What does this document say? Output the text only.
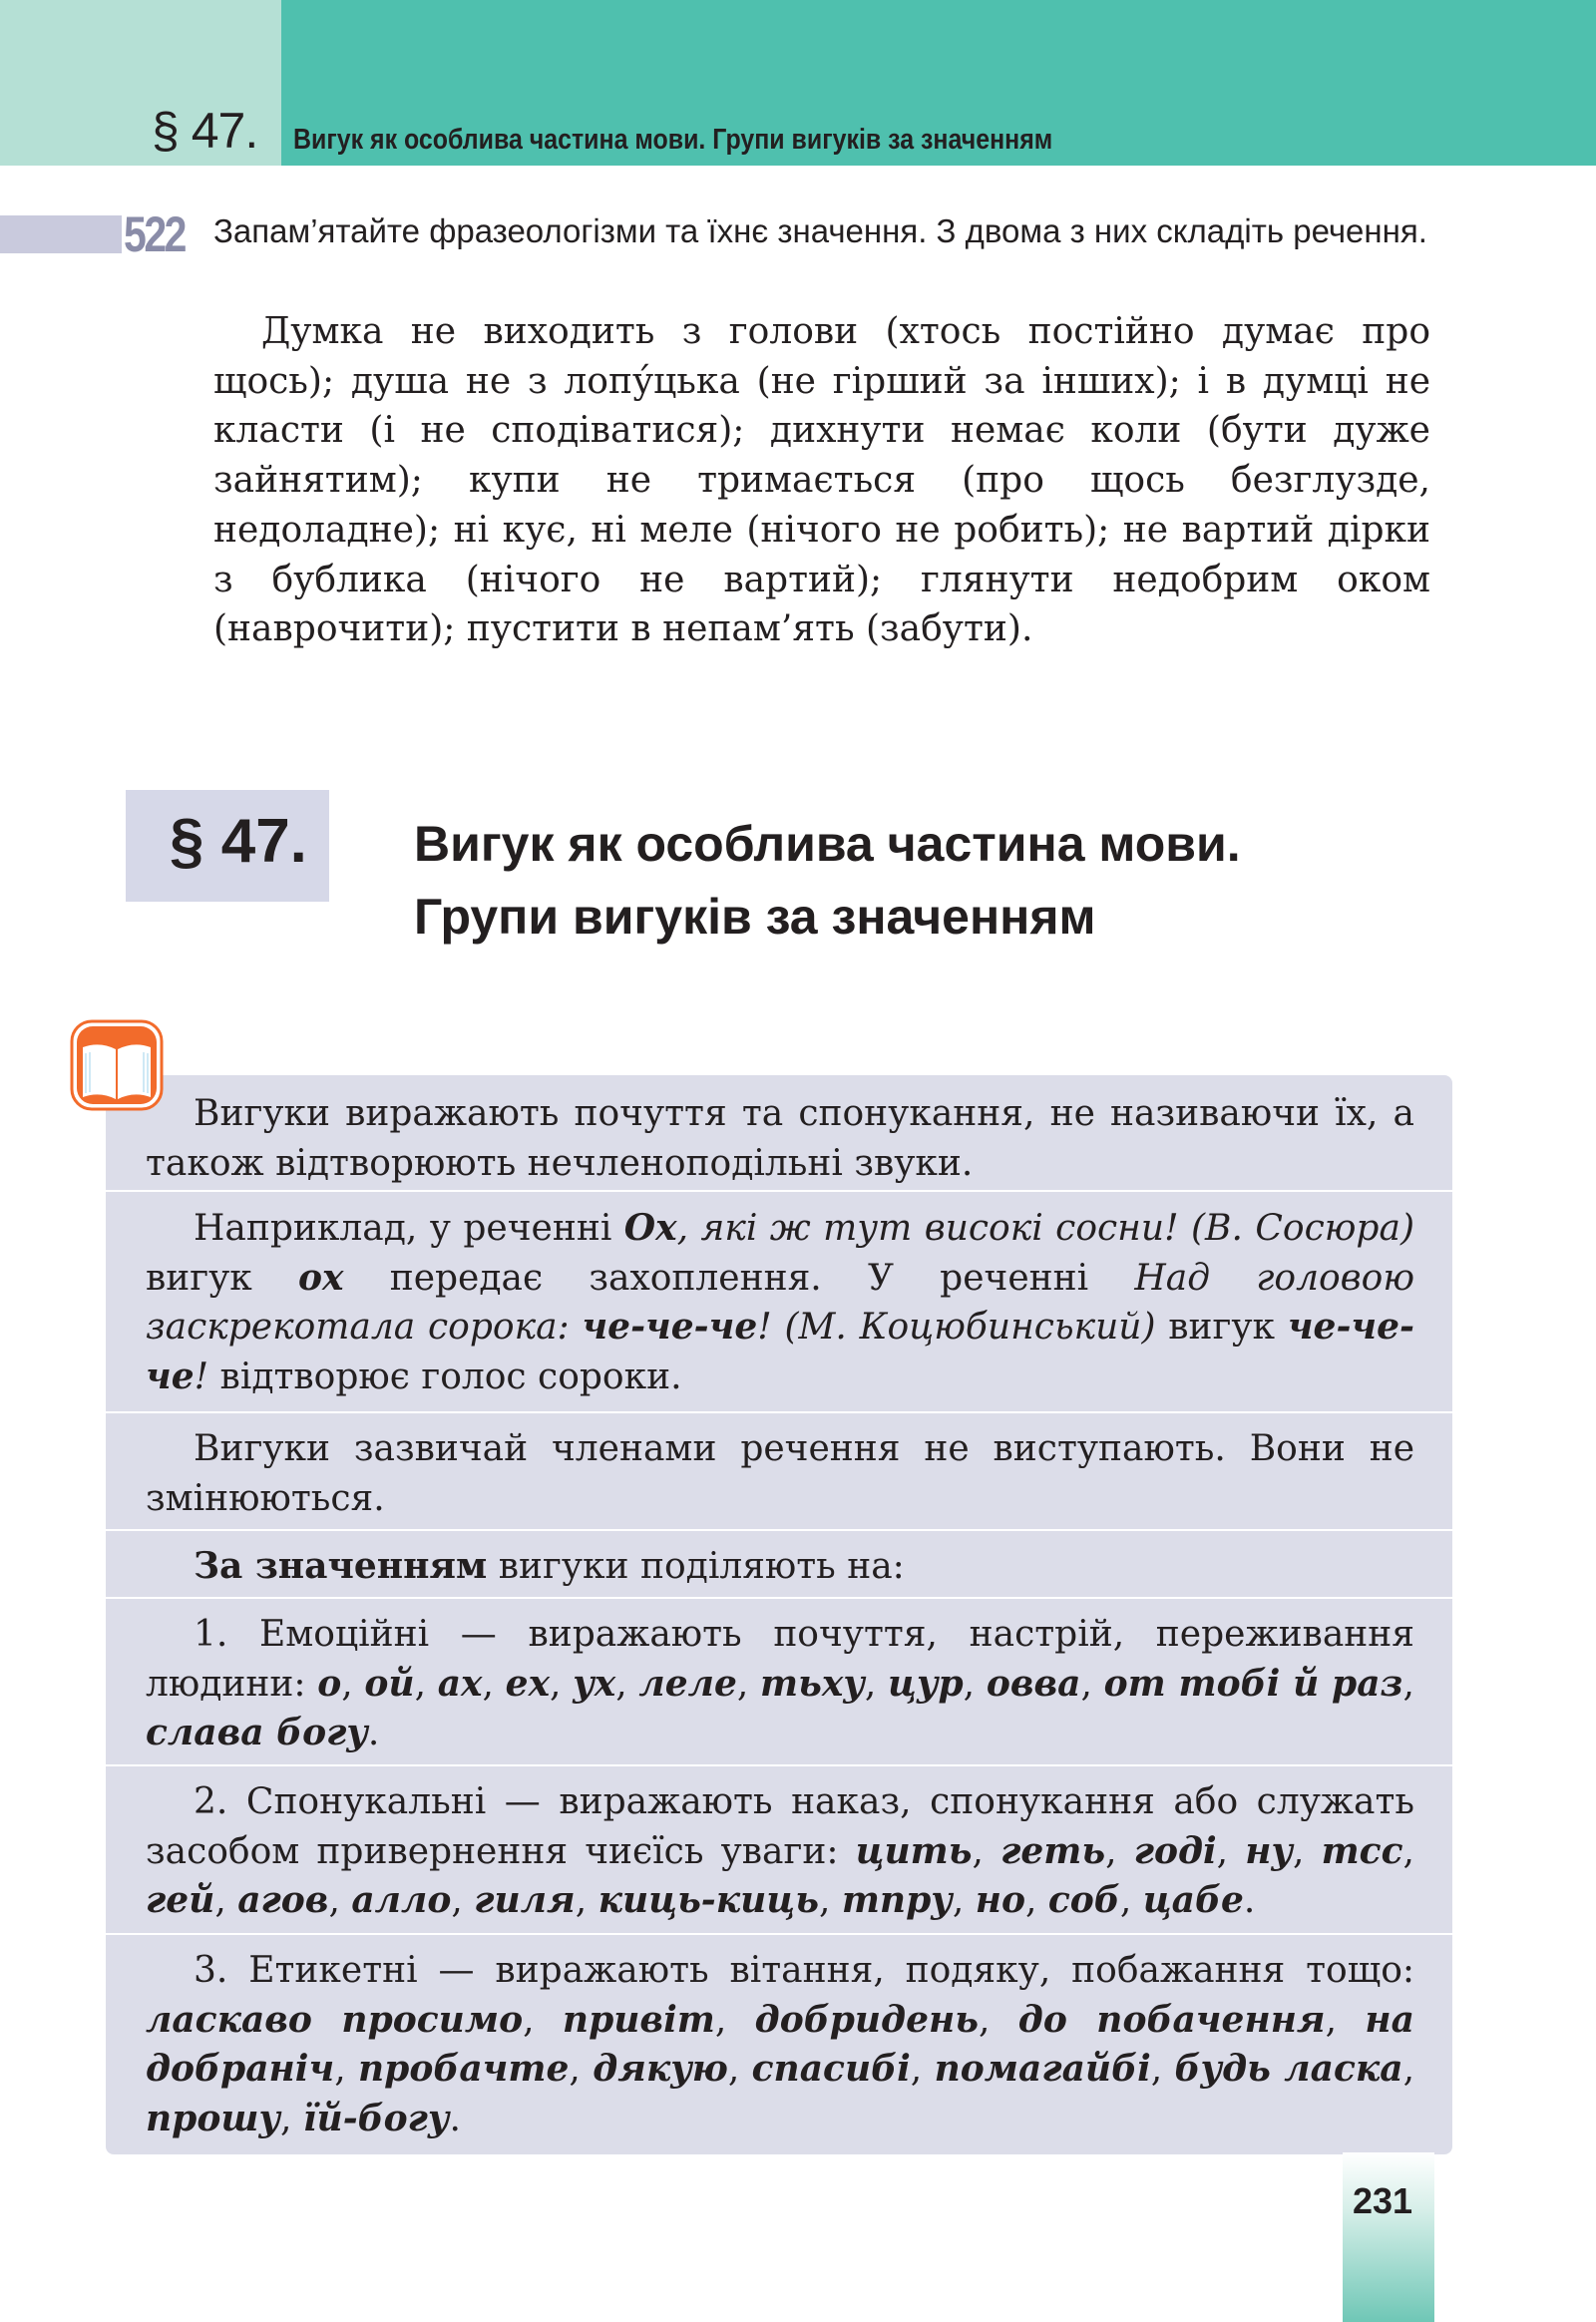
§ 47. Вигук як особлива частина мови. Групи вигуків за значенням
522 Запам’ятайте фразеологізми та їхнє значення. З двома з них складіть речення.
Думка не виходить з голови (хтось постійно думає про щось); душа не з лопу́цька (не гірший за інших); і в думці не класти (і не сподіватися); дихнути немає коли (бути дуже зайнятим); купи не тримається (про щось безглузде, недоладне); ні кує, ні меле (нічого не робить); не вартий дірки з бублика (нічого не вартий); глянути недобрим оком (наврочити); пустити в непам’ять (забути).
§ 47. Вигук як особлива частина мови.
Групи вигуків за значенням
Вигуки виражають почуття та спонукання, не називаючи їх, а також відтворюють нечленоподільні звуки.
Наприклад, у реченні Ох, які ж тут високі сосни! (В. Сосюра) вигук ох передає захоплення. У реченні Над головою заскрекотала сорока: че-че-че! (М. Коцюбинський) вигук че-че-че! відтворює голос сороки.
Вигуки зазвичай членами речення не виступають. Вони не змінюються.
За значенням вигуки поділяють на:
1. Емоційні — виражають почуття, настрій, переживання людини: о, ой, ах, ех, ух, леле, тьху, цур, овва, от тобі й раз, слава богу.
2. Спонукальні — виражають наказ, спонукання або служать засобом привернення чиєїсь уваги: цить, геть, годі, ну, тсс, гей, агов, алло, гиля, киць-киць, тпру, но, соб, цабе.
3. Етикетні — виражають вітання, подяку, побажання тощо: ласкаво просимо, привіт, добридень, до побачення, на добраніч, пробачте, дякую, спасибі, помагайбі, будь ласка, прошу, їй-богу.
231
